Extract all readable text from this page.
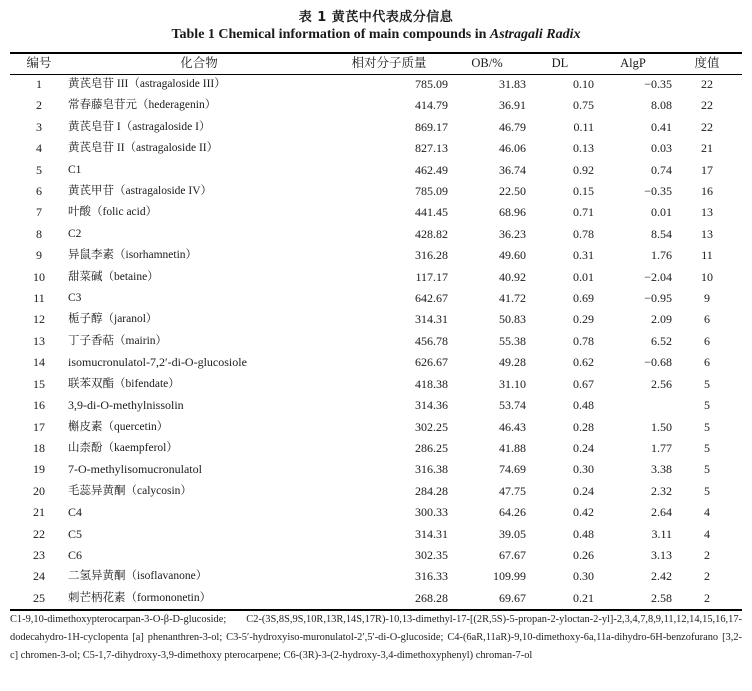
表 1 黄芪中代表成分信息
Table 1 Chemical information of main compounds in Astragali Radix
编号	化合物	相对分子质量	OB/%	DL	AlgP	度值
1	黄芪皂苷 III（astragaloside III）	785.09	31.83	0.10	−0.35	22
2	常春藤皂苷元（hederagenin）	414.79	36.91	0.75	8.08	22
3	黄芪皂苷 I（astragaloside I）	869.17	46.79	0.11	0.41	22
4	黄芪皂苷 II（astragaloside II）	827.13	46.06	0.13	0.03	21
5	C1	462.49	36.74	0.92	0.74	17
6	黄芪甲苷（astragaloside IV）	785.09	22.50	0.15	−0.35	16
7	叶酸（folic acid）	441.45	68.96	0.71	0.01	13
8	C2	428.82	36.23	0.78	8.54	13
9	异鼠李素（isorhamnetin）	316.28	49.60	0.31	1.76	11
10	甜菜碱（betaine）	117.17	40.92	0.01	−2.04	10
11	C3	642.67	41.72	0.69	−0.95	9
12	栀子醇（jaranol）	314.31	50.83	0.29	2.09	6
13	丁子香萜（mairin）	456.78	55.38	0.78	6.52	6
14	isomucronulatol-7,2′-di-O-glucosiole	626.67	49.28	0.62	−0.68	6
15	联苯双酯（bifendate）	418.38	31.10	0.67	2.56	5
16	3,9-di-O-methylnissolin	314.36	53.74	0.48		5
17	槲皮素（quercetin）	302.25	46.43	0.28	1.50	5
18	山柰酚（kaempferol）	286.25	41.88	0.24	1.77	5
19	7-O-methylisomucronulatol	316.38	74.69	0.30	3.38	5
20	毛蕊异黄酮（calycosin）	284.28	47.75	0.24	2.32	5
21	C4	300.33	64.26	0.42	2.64	4
22	C5	314.31	39.05	0.48	3.11	4
23	C6	302.35	67.67	0.26	3.13	2
24	二氢异黄酮（isoflavanone）	316.33	109.99	0.30	2.42	2
25	刺芒柄花素（formononetin）	268.28	69.67	0.21	2.58	2
C1-9,10-dimethoxypterocarpan-3-O-β-D-glucoside; C2-(3S,8S,9S,10R,13R,14S,17R)-10,13-dimethyl-17-[(2R,5S)-5-propan-2-yloctan-2-yl]-2,3,4,7,8,9,11,12,14,15,16,17-dodecahydro-1H-cyclopenta [a] phenanthren-3-ol; C3-5′-hydroxyiso-muronulatol-2′,5′-di-O-glucoside; C4-(6aR,11aR)-9,10-dimethoxy-6a,11a-dihydro-6H-benzofurano [3,2-c] chromen-3-ol; C5-1,7-dihydroxy-3,9-dimethoxy pterocarpene; C6-(3R)-3-(2-hydroxy-3,4-dimethoxyphenyl) chroman-7-ol
